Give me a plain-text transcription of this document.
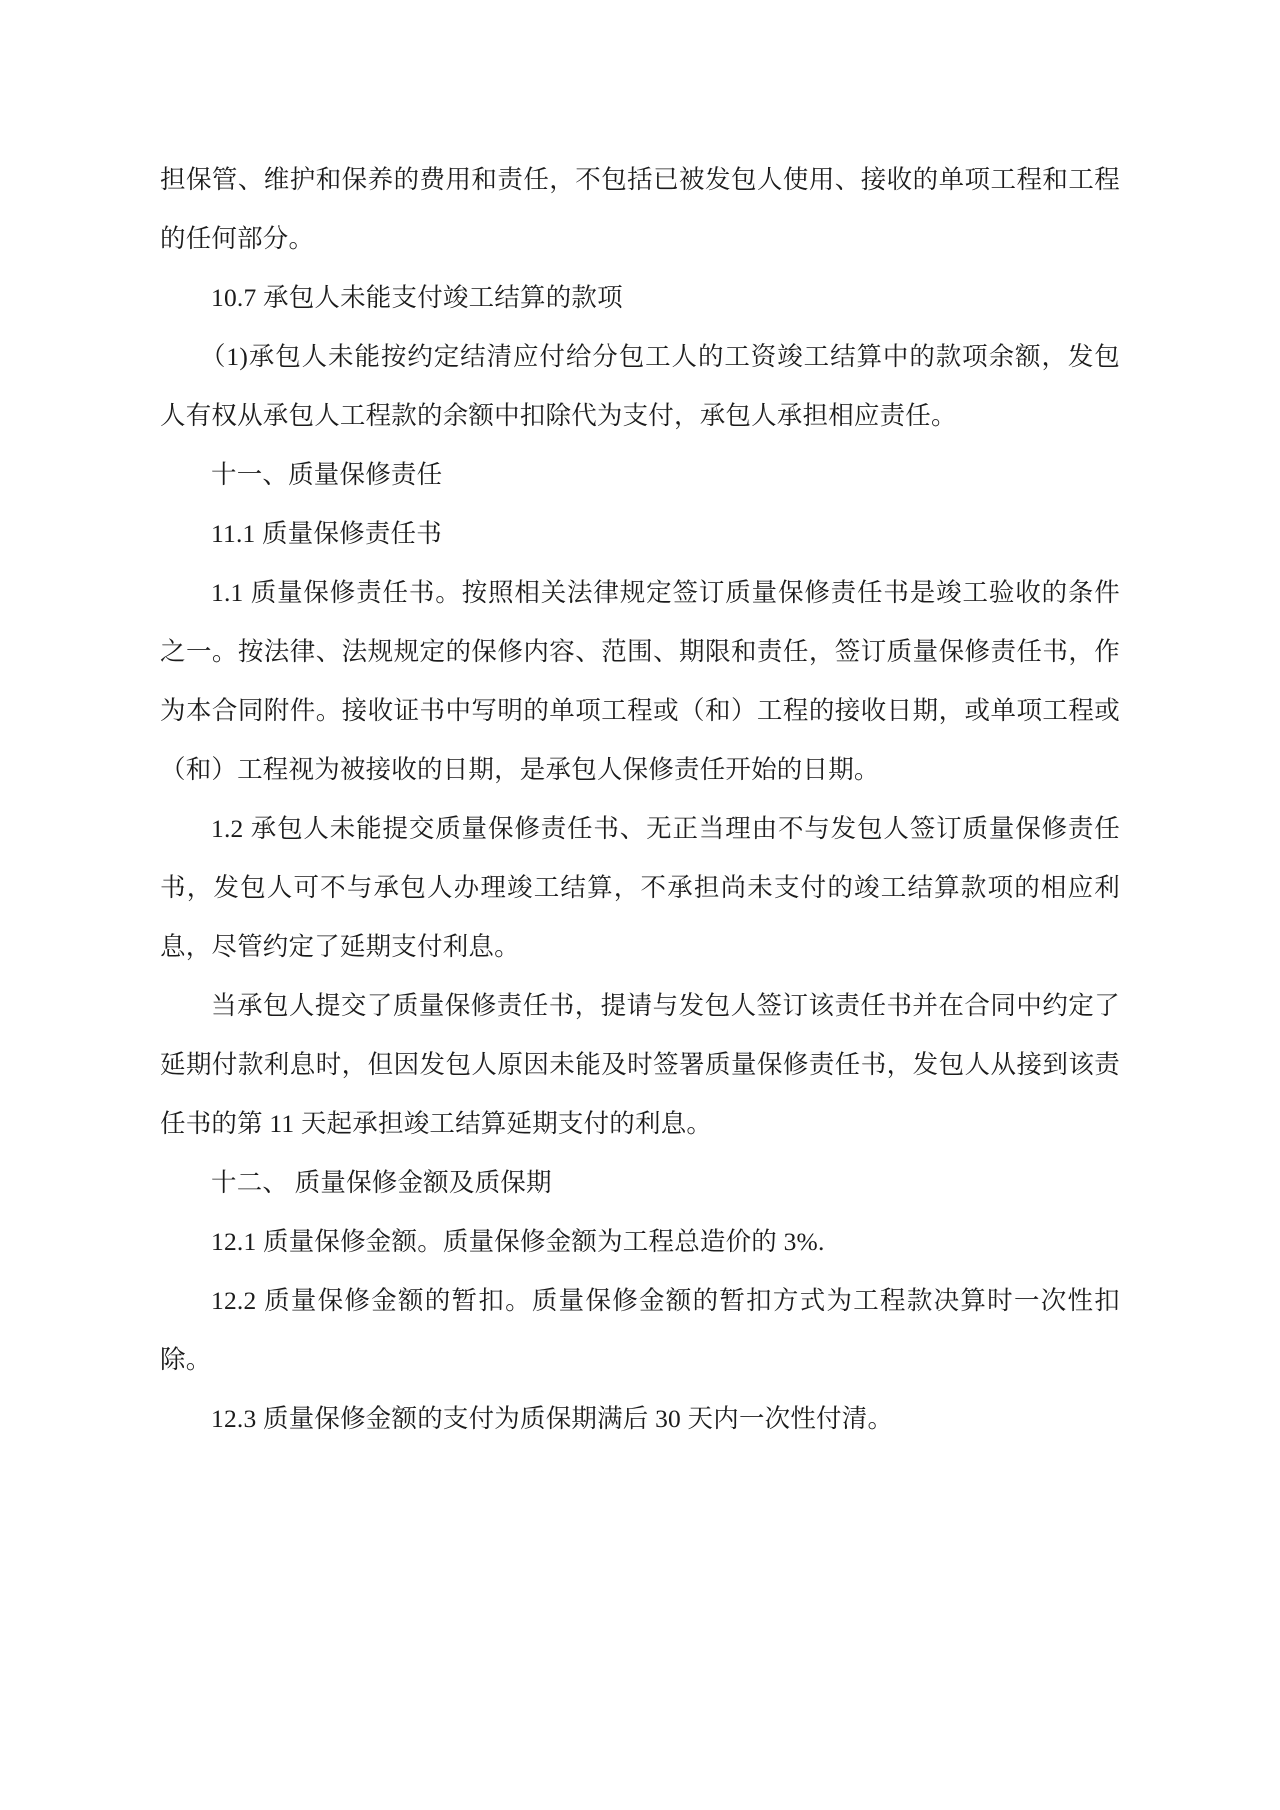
担保管、维护和保养的费用和责任，不包括已被发包人使用、接收的单项工程和工程的任何部分。

10.7 承包人未能支付竣工结算的款项

（1)承包人未能按约定结清应付给分包工人的工资竣工结算中的款项余额，发包人有权从承包人工程款的余额中扣除代为支付，承包人承担相应责任。

十一、质量保修责任

11.1 质量保修责任书

1.1 质量保修责任书。按照相关法律规定签订质量保修责任书是竣工验收的条件之一。按法律、法规规定的保修内容、范围、期限和责任，签订质量保修责任书，作为本合同附件。接收证书中写明的单项工程或（和）工程的接收日期，或单项工程或（和）工程视为被接收的日期，是承包人保修责任开始的日期。

1.2 承包人未能提交质量保修责任书、无正当理由不与发包人签订质量保修责任书，发包人可不与承包人办理竣工结算，不承担尚未支付的竣工结算款项的相应利息，尽管约定了延期支付利息。

当承包人提交了质量保修责任书，提请与发包人签订该责任书并在合同中约定了延期付款利息时，但因发包人原因未能及时签署质量保修责任书，发包人从接到该责任书的第 11 天起承担竣工结算延期支付的利息。

十二、 质量保修金额及质保期

12.1 质量保修金额。质量保修金额为工程总造价的 3%.

12.2 质量保修金额的暂扣。质量保修金额的暂扣方式为工程款决算时一次性扣除。

12.3 质量保修金额的支付为质保期满后 30 天内一次性付清。
